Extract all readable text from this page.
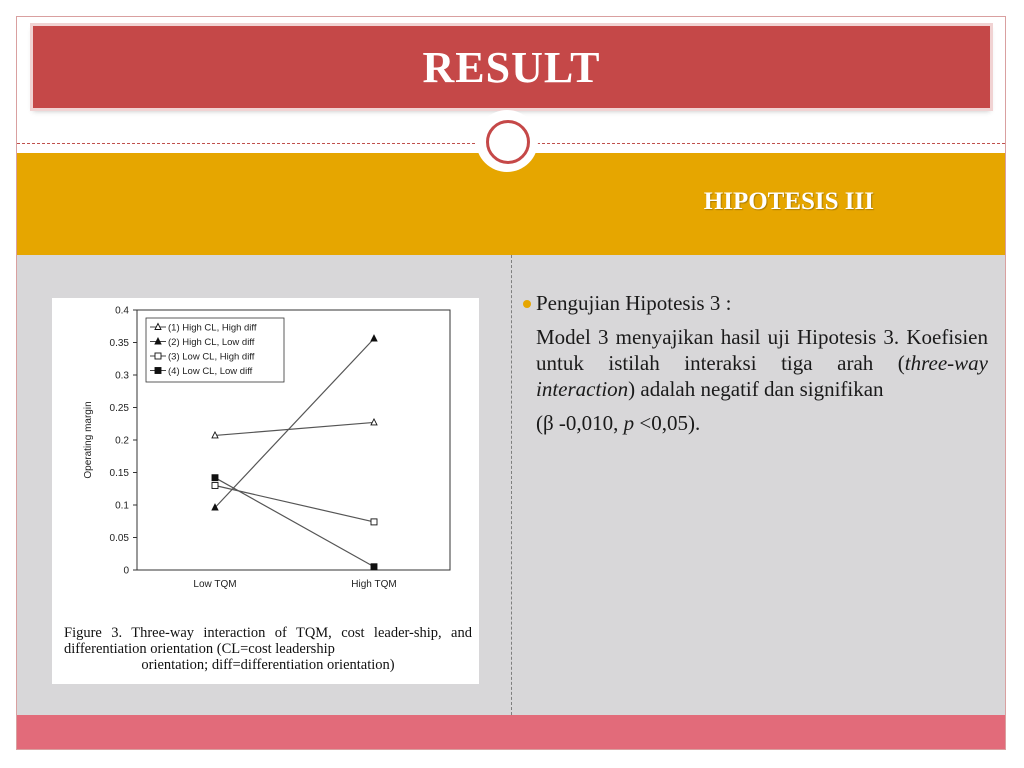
RESULT
HIPOTESIS III
0
0.05
0.1
0.15
0.2
0.25
0.3
0.35
0.4
Low TQM	High TQM
Operating margin
(1) High CL, High diff
(2) High CL, Low diff
(3) Low CL, High diff
(4) Low CL, Low diff
Figure 3. Three-way interaction of TQM, cost leader-ship, and differentiation orientation (CL=cost leadership
orientation; diff=differentiation orientation)

Pengujian Hipotesis 3 :

Model 3 menyajikan hasil uji Hipotesis 3. Koefisien untuk istilah interaksi tiga arah (three-way interaction) adalah negatif dan signifikan

(β -0,010, p <0,05).
